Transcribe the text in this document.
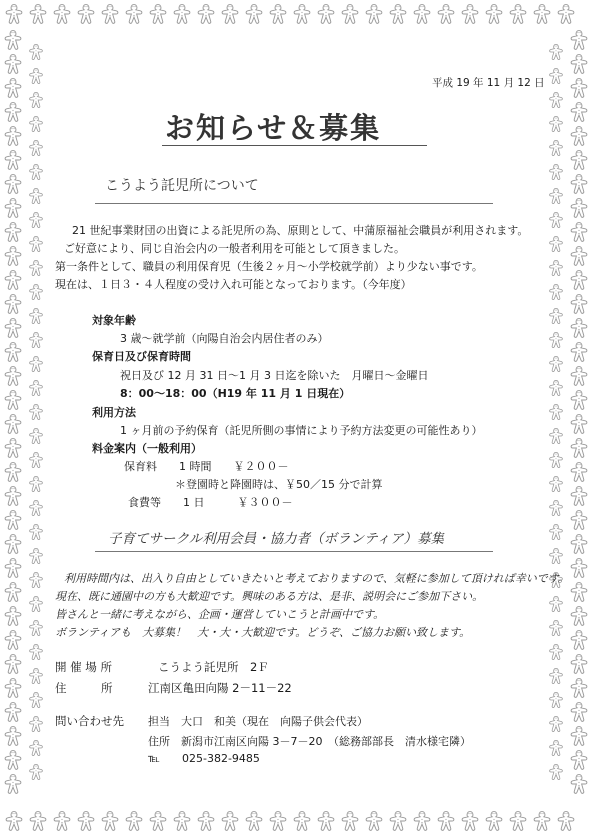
平成 19 年 11 月 12 日
お知らせ＆募集
こうよう託児所について
21 世紀事業財団の出資による託児所の為、原則として、中蒲原福祉会職員が利用されます。
ご好意により、同じ自治会内の一般者利用を可能として頂きました。
第一条件として、職員の利用保育児（生後２ヶ月～小学校就学前）より少ない事です。
現在は、１日３・４人程度の受け入れ可能となっております。（今年度）
対象年齢
3 歳～就学前（向陽自治会内居住者のみ）
保育日及び保育時間
祝日及び 12 月 31 日～1 月 3 日迄を除いた　月曜日～金曜日
8：00～18：00（H19 年 11 月 1 日現在）
利用方法
1 ヶ月前の予約保育（託児所側の事情により予約方法変更の可能性あり）
料金案内（一般利用）
保育料　　1 時間　　￥２００－
＊登園時と降園時は、￥50／15 分で計算
食費等　　1 日　　　￥３００－
子育てサークル利用会員・協力者（ボランティア）募集
利用時間内は、出入り自由としていきたいと考えておりますので、気軽に参加して頂ければ幸いです。
現在、既に通園中の方も大歓迎です。興味のある方は、是非、説明会にご参加下さい。
皆さんと一緒に考えながら、企画・運営していこうと計画中です。
ボランティアも　大募集！　大・大・大歓迎です。どうぞ、ご協力お願い致します。
開 催 場 所	こうよう託児所　2Ｆ
住　　　所	江南区亀田向陽 2－11－22
問い合わせ先 担当　大口　和美（現在　向陽子供会代表）
住所　新潟市江南区向陽 3－7－20　（総務部部長　清水様宅隣）
℡ 025-382-9485
